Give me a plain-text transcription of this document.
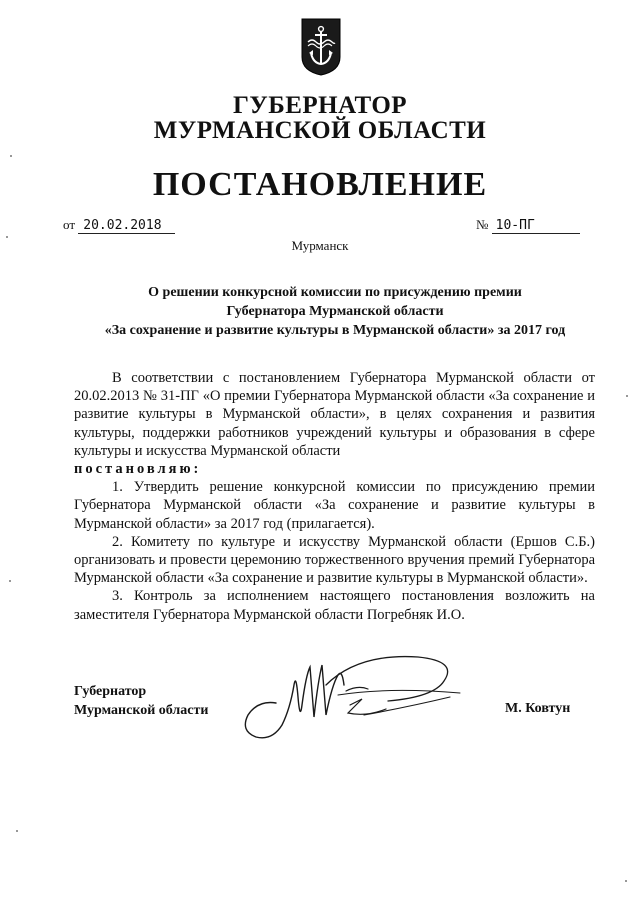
ГУБЕРНАТОР
МУРМАНСКОЙ ОБЛАСТИ
ПОСТАНОВЛЕНИЕ
от 20.02.2018	№ 10-ПГ
Мурманск
О решении конкурсной комиссии по присуждению премии
Губернатора Мурманской области
«За сохранение и развитие культуры в Мурманской области» за 2017 год

В соответствии с постановлением Губернатора Мурманской области от 20.02.2013 № 31-ПГ «О премии Губернатора Мурманской области «За сохранение и развитие культуры в Мурманской области», в целях сохранения и развития культуры, поддержки работников учреждений культуры и образования в сфере культуры и искусства Мурманской области

постановляю:

1. Утвердить решение конкурсной комиссии по присуждению премии Губернатора Мурманской области «За сохранение и развитие культуры в Мурманской области» за 2017 год (прилагается).

2. Комитету по культуре и искусству Мурманской области (Ершов С.Б.) организовать и провести церемонию торжественного вручения премий Губернатора Мурманской области «За сохранение и развитие культуры в Мурманской области».

3. Контроль за исполнением настоящего постановления возложить на заместителя Губернатора Мурманской области Погребняк И.О.

Губернатор
Мурманской области	М. Ковтун
